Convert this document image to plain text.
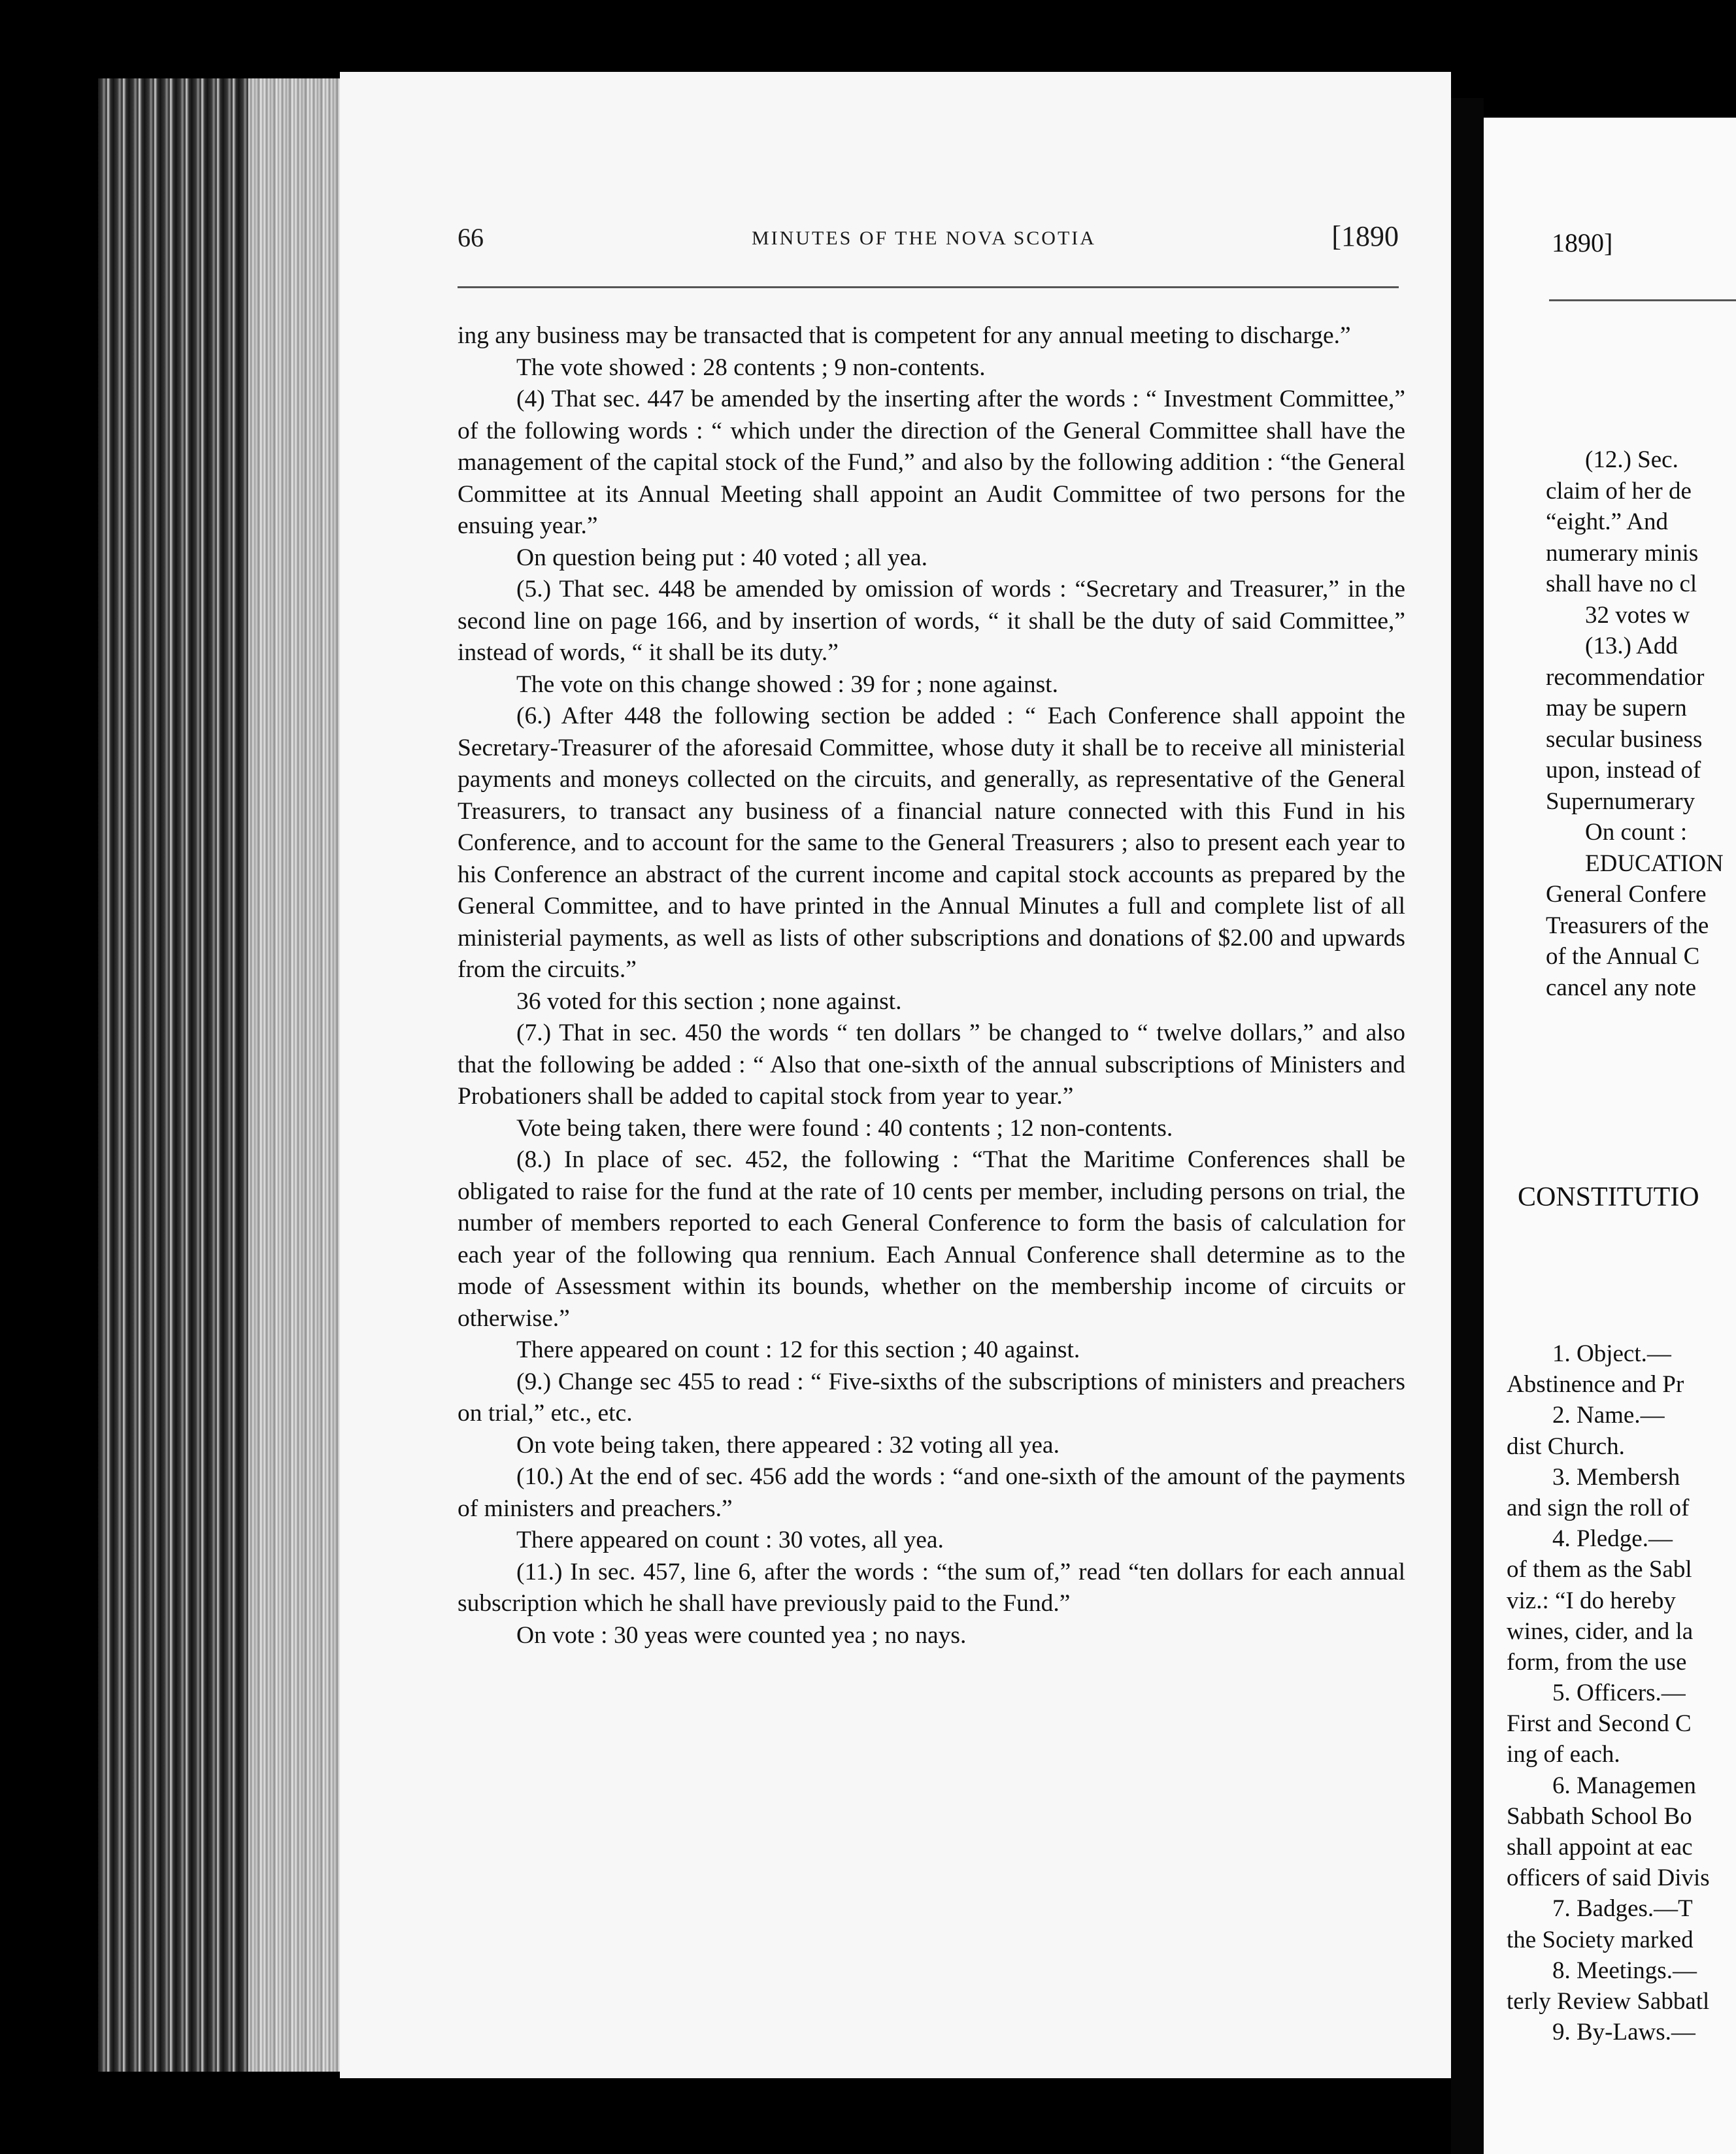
66	MINUTES OF THE NOVA SCOTIA	[1890

ing any business may be transacted that is competent for any annual meeting to discharge.”

The vote showed : 28 contents ; 9 non-contents.

(4) That sec. 447 be amended by the inserting after the words : “ Investment Committee,” of the following words : “ which under the direction of the General Committee shall have the management of the capital stock of the Fund,” and also by the following addition : “the General Committee at its Annual Meeting shall appoint an Audit Committee of two persons for the ensuing year.”

On question being put : 40 voted ; all yea.

(5.) That sec. 448 be amended by omission of words : “Secretary and Treasurer,” in the second line on page 166, and by insertion of words, “ it shall be the duty of said Committee,” instead of words, “ it shall be its duty.”

The vote on this change showed : 39 for ; none against.

(6.) After 448 the following section be added : “ Each Conference shall appoint the Secretary-Treasurer of the aforesaid Committee, whose duty it shall be to receive all ministerial payments and moneys collected on the circuits, and generally, as representative of the General Treasurers, to transact any business of a financial nature connected with this Fund in his Conference, and to account for the same to the General Treasurers ; also to present each year to his Conference an abstract of the current income and capital stock accounts as prepared by the General Committee, and to have printed in the Annual Minutes a full and complete list of all ministerial payments, as well as lists of other subscriptions and donations of $2.00 and upwards from the circuits.”

36 voted for this section ; none against.

(7.) That in sec. 450 the words “ ten dollars ” be changed to “ twelve dollars,” and also that the following be added : “ Also that one-sixth of the annual subscriptions of Ministers and Probationers shall be added to capital stock from year to year.”

Vote being taken, there were found : 40 contents ; 12 non-contents.

(8.) In place of sec. 452, the following : “That the Maritime Conferences shall be obligated to raise for the fund at the rate of 10 cents per member, including persons on trial, the number of members reported to each General Conference to form the basis of calculation for each year of the following qua rennium. Each Annual Conference shall determine as to the mode of Assessment within its bounds, whether on the membership income of circuits or otherwise.”

There appeared on count : 12 for this section ; 40 against.

(9.) Change sec 455 to read : “ Five-sixths of the subscriptions of ministers and preachers on trial,” etc., etc.

On vote being taken, there appeared : 32 voting all yea.

(10.) At the end of sec. 456 add the words : “and one-sixth of the amount of the payments of ministers and preachers.”

There appeared on count : 30 votes, all yea.

(11.) In sec. 457, line 6, after the words : “the sum of,” read “ten dollars for each annual subscription which he shall have previously paid to the Fund.”

On vote : 30 yeas were counted yea ; no nays.

1890]
(12.) Sec.
claim of her de
“eight.” And
numerary minis
shall have no cl
32 votes w
(13.) Add
recommendatior
may be supern
secular business
upon, instead of
Supernumerary
On count :
EDUCATION
General Confere
Treasurers of the
of the Annual C
cancel any note
CONSTITUTIO
1. Object.—
Abstinence and Pr
2. Name.—
dist Church.
3. Membersh
and sign the roll of
4. Pledge.—
of them as the Sabl
viz.: “I do hereby
wines, cider, and la
form, from the use
5. Officers.—
First and Second C
ing of each.
6. Managemen
Sabbath School Bo
shall appoint at eac
officers of said Divis
7. Badges.—T
the Society marked
8. Meetings.—
terly Review Sabbatl
9. By-Laws.—
